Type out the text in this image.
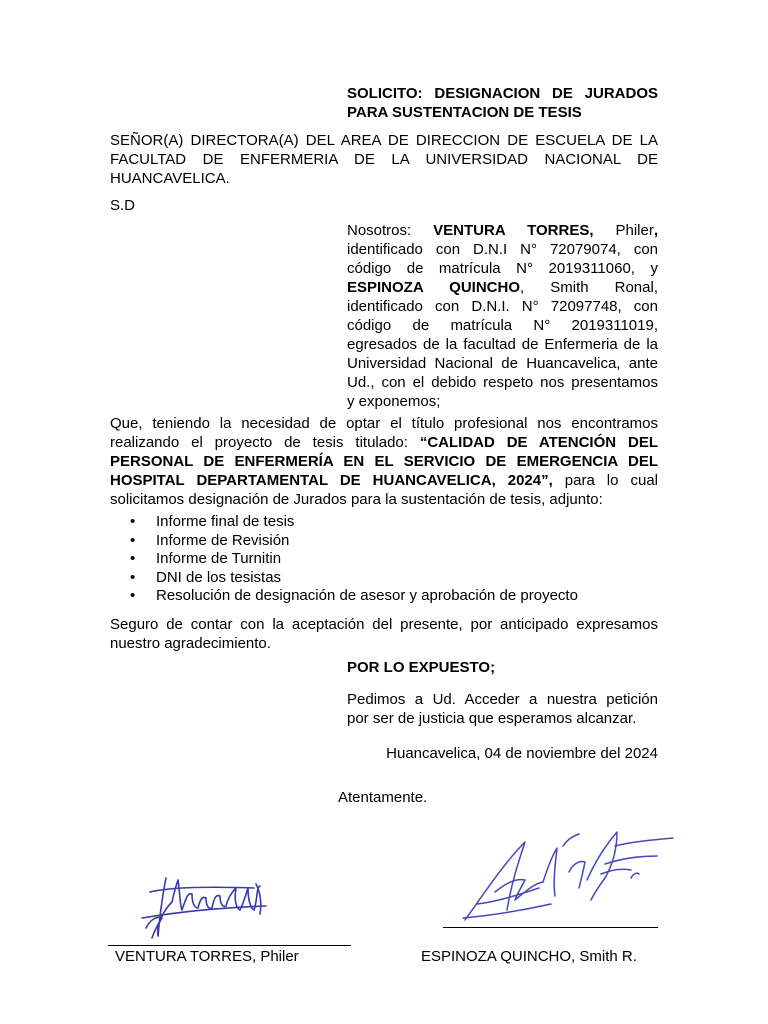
SOLICITO: DESIGNACION DE JURADOS
PARA SUSTENTACION DE TESIS
SEÑOR(A) DIRECTORA(A) DEL AREA DE DIRECCION DE ESCUELA DE LA
FACULTAD DE ENFERMERIA DE LA UNIVERSIDAD NACIONAL DE
HUANCAVELICA.
S.D
Nosotros: VENTURA TORRES, Philer,
identificado con D.N.I N° 72079074, con
código de matrícula N° 2019311060, y
ESPINOZA QUINCHO, Smith Ronal,
identificado con D.N.I. N° 72097748, con
código de matrícula N° 2019311019,
egresados de la facultad de Enfermeria de la
Universidad Nacional de Huancavelica, ante
Ud., con el debido respeto nos presentamos
y exponemos;
Que, teniendo la necesidad de optar el título profesional nos encontramos
realizando el proyecto de tesis titulado: “CALIDAD DE ATENCIÓN DEL
PERSONAL DE ENFERMERÍA EN EL SERVICIO DE EMERGENCIA DEL
HOSPITAL DEPARTAMENTAL DE HUANCAVELICA, 2024”, para lo cual
solicitamos designación de Jurados para la sustentación de tesis, adjunto:
• Informe final de tesis
• Informe de Revisión
• Informe de Turnitin
• DNI de los tesistas
• Resolución de designación de asesor y aprobación de proyecto
Seguro de contar con la aceptación del presente, por anticipado expresamos
nuestro agradecimiento.
POR LO EXPUESTO;
Pedimos a Ud. Acceder a nuestra petición
por ser de justicia que esperamos alcanzar.
Huancavelica, 04 de noviembre del 2024
Atentamente.
VENTURA TORRES, Philer	ESPINOZA QUINCHO, Smith R.
